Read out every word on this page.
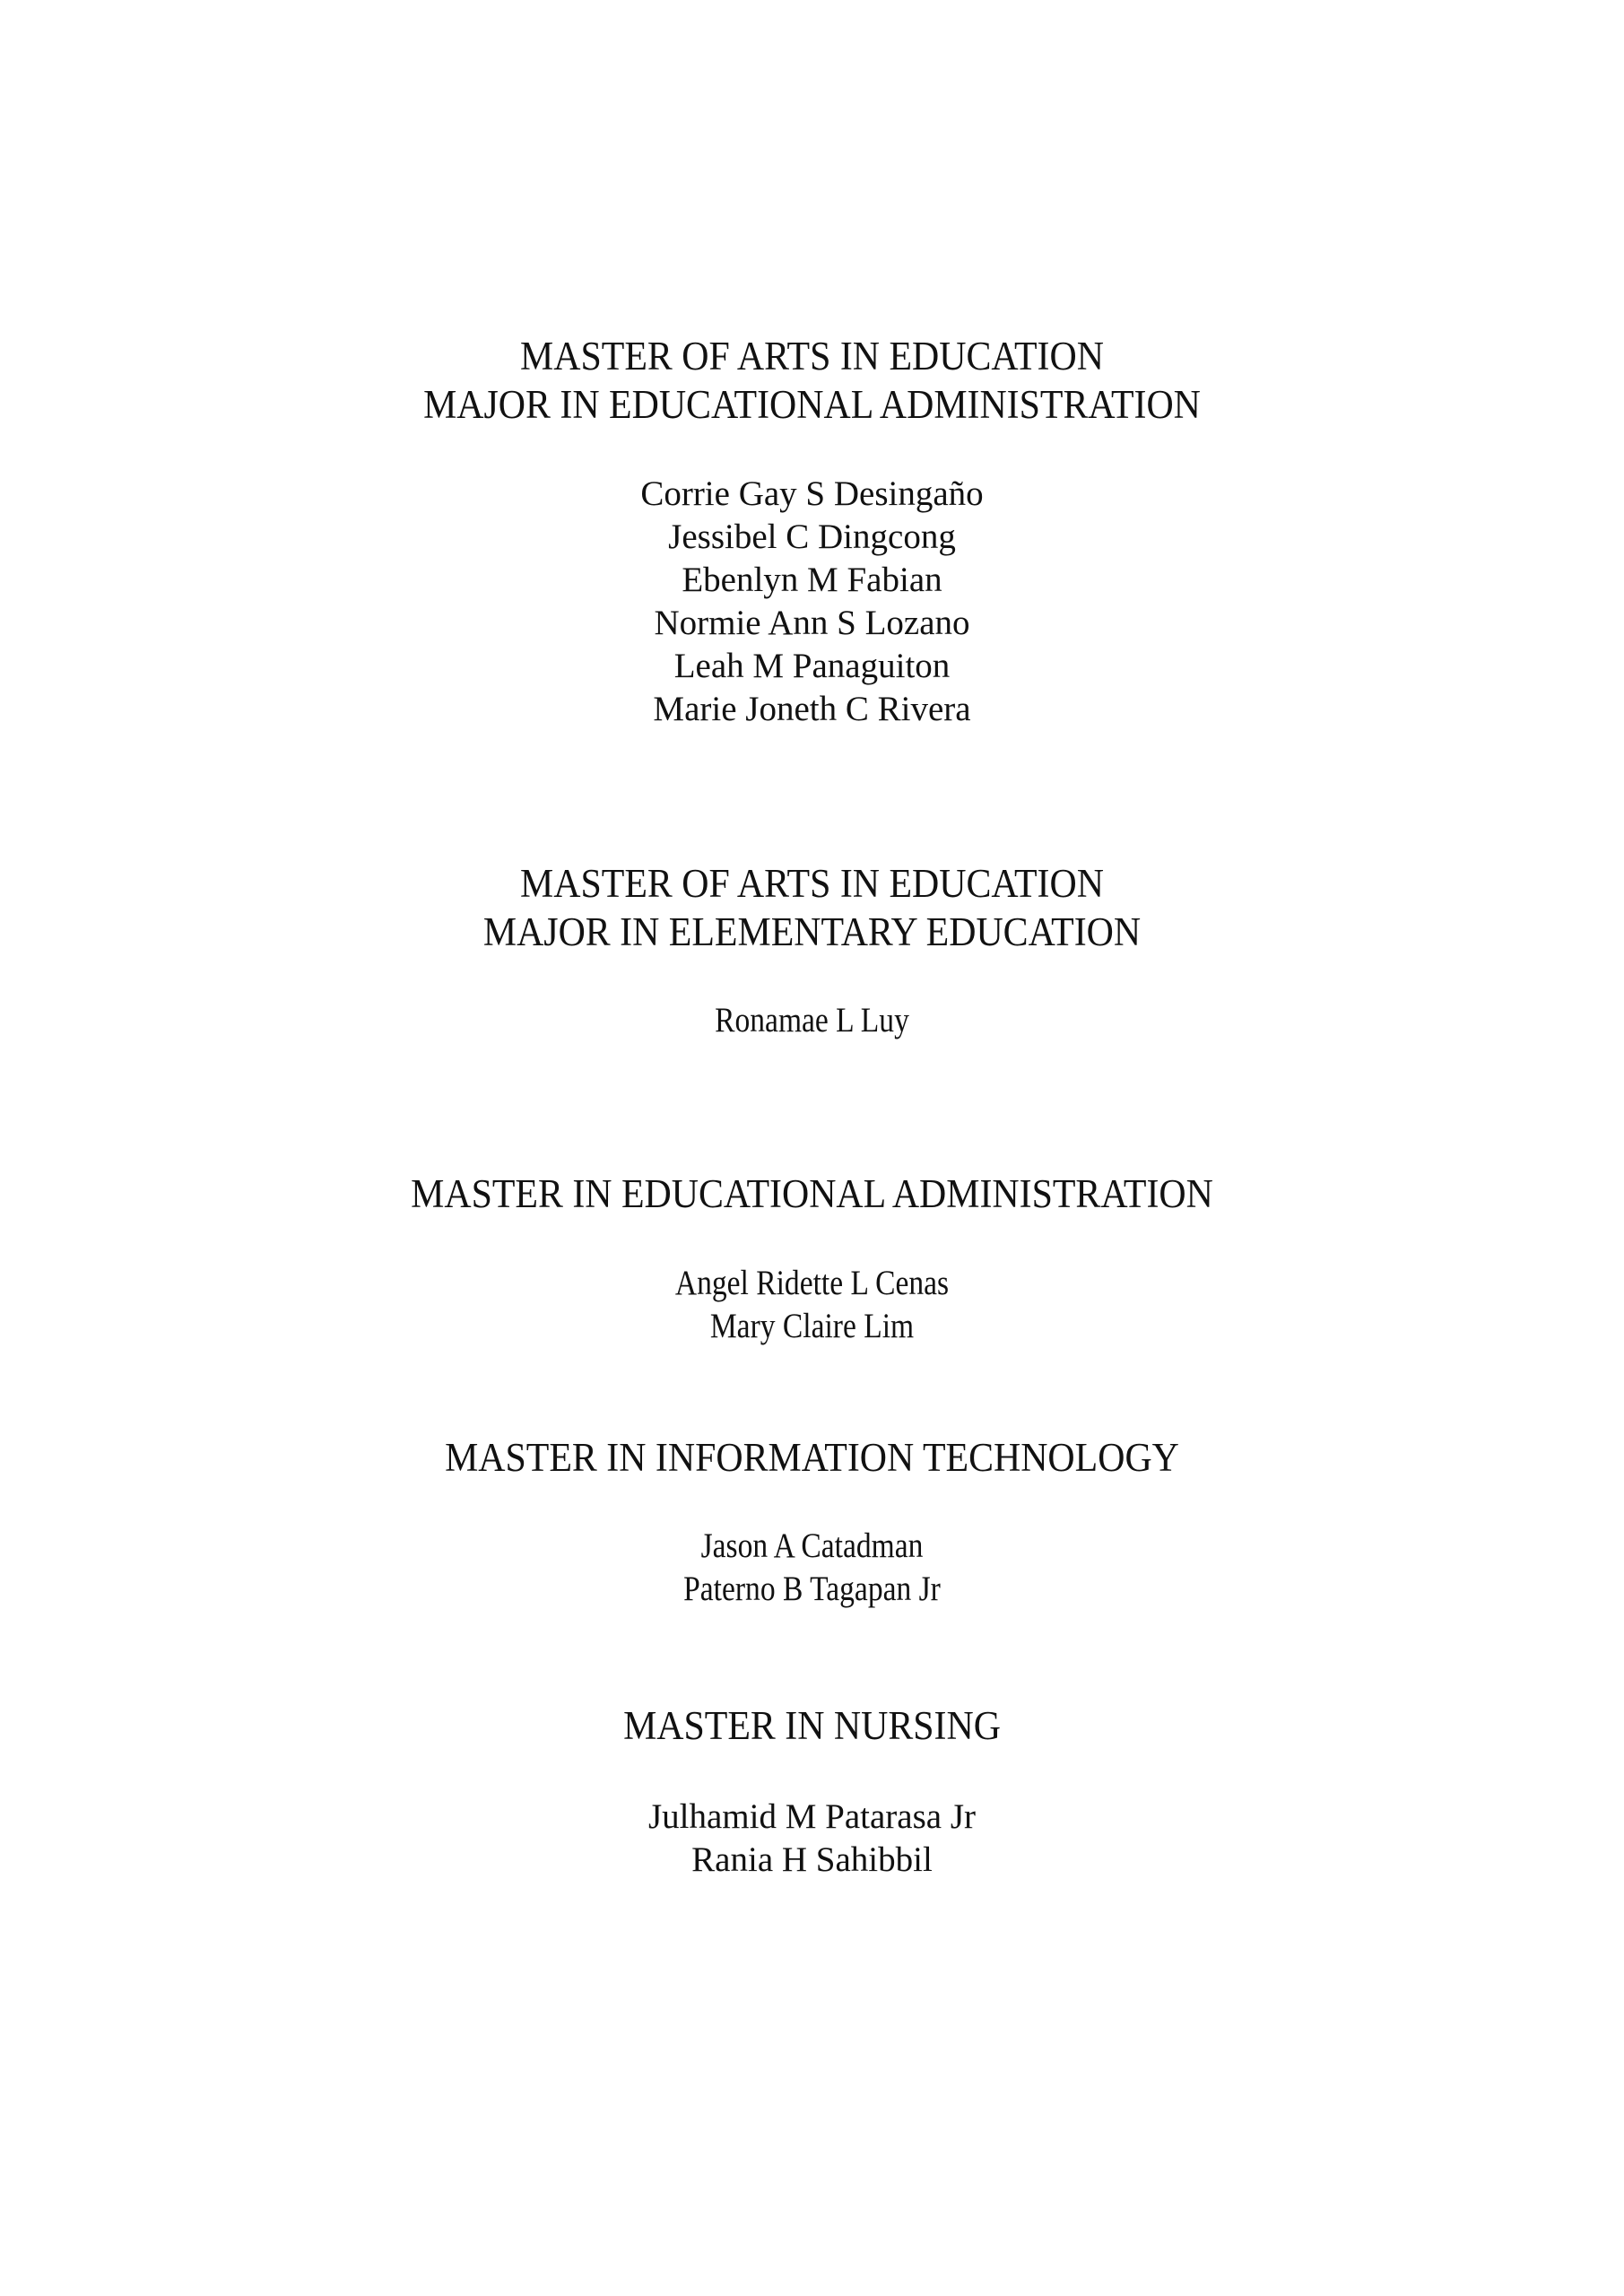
MASTER OF ARTS IN EDUCATION
MAJOR IN EDUCATIONAL ADMINISTRATION
Corrie Gay S Desingaño
Jessibel C Dingcong
Ebenlyn M Fabian
Normie Ann S Lozano
Leah M Panaguiton
Marie Joneth C Rivera
MASTER OF ARTS IN EDUCATION
MAJOR IN ELEMENTARY EDUCATION
Ronamae L Luy
MASTER IN EDUCATIONAL ADMINISTRATION
Angel Ridette L Cenas
Mary Claire Lim
MASTER IN INFORMATION TECHNOLOGY
Jason A Catadman
Paterno B Tagapan Jr
MASTER IN NURSING
Julhamid M Patarasa Jr
Rania H Sahibbil
